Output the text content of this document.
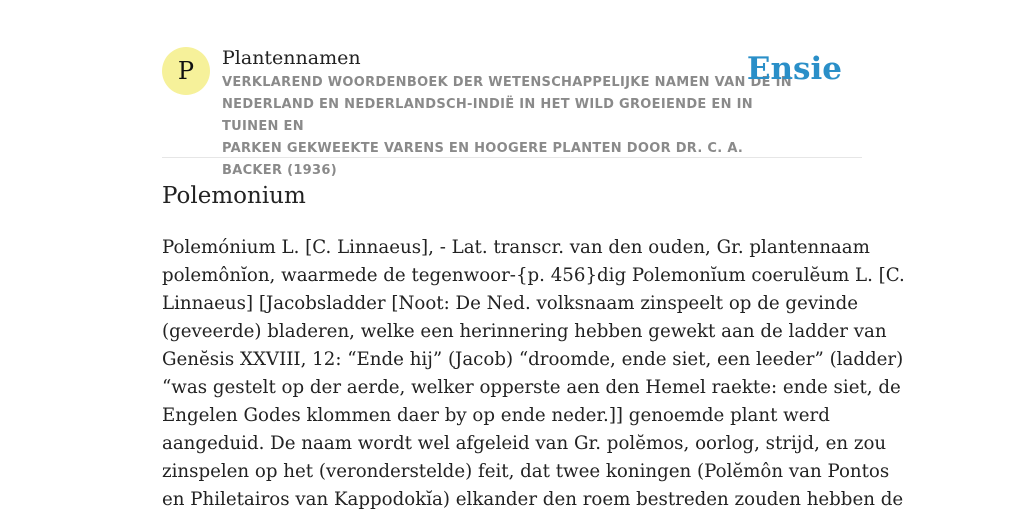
P Plantennamen
VERKLAREND WOORDENBOEK DER WETENSCHAPPELIJKE NAMEN VAN DE IN
NEDERLAND EN NEDERLANDSCH-INDIË IN HET WILD GROEIENDE EN IN TUINEN EN
PARKEN GEKWEEKTE VARENS EN HOOGERE PLANTEN DOOR DR. C. A. BACKER (1936)
Ensie
Polemonium
Polemónium L. [C. Linnaeus], - Lat. transcr. van den ouden, Gr. plantennaam
polemônĭon, waarmede de tegenwoor-{p. 456}dig Polemonĭum coerulĕum L. [C.
Linnaeus] [Jacobsladder [Noot: De Ned. volksnaam zinspeelt op de gevinde
(geveerde) bladeren, welke een herinnering hebben gewekt aan de ladder van
Genĕsis XXVIII, 12: “Ende hij” (Jacob) “droomde, ende siet, een leeder” (ladder)
“was gestelt op der aerde, welker opperste aen den Hemel raekte: ende siet, de
Engelen Godes klommen daer by op ende neder.]] genoemde plant werd
aangeduid. De naam wordt wel afgeleid van Gr. polĕmos, oorlog, strijd, en zou
zinspelen op het (veronderstelde) feit, dat twee koningen (Polĕmôn van Pontos
en Philetairos van Kappodokĭa) elkander den roem bestreden zouden hebben de
